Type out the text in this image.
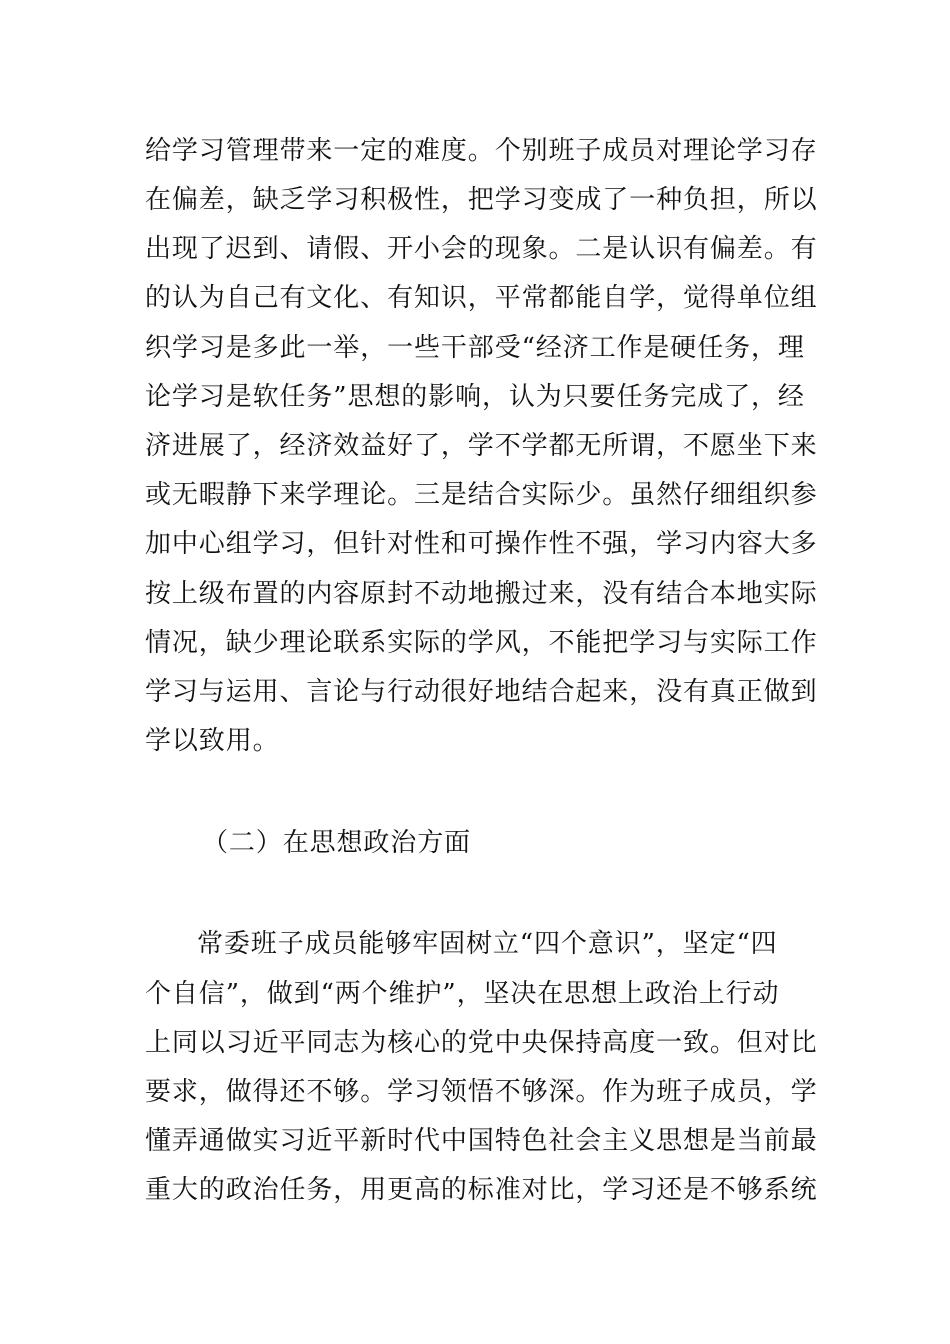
给学习管理带来一定的难度。个别班子成员对理论学习存
在偏差，缺乏学习积极性，把学习变成了一种负担，所以
出现了迟到、请假、开小会的现象。二是认识有偏差。有
的认为自己有文化、有知识，平常都能自学，觉得单位组
织学习是多此一举，一些干部受“经济工作是硬任务，理
论学习是软任务”思想的影响，认为只要任务完成了，经
济进展了，经济效益好了，学不学都无所谓，不愿坐下来
或无暇静下来学理论。三是结合实际少。虽然仔细组织参
加中心组学习，但针对性和可操作性不强，学习内容大多
按上级布置的内容原封不动地搬过来，没有结合本地实际
情况，缺少理论联系实际的学风，不能把学习与实际工作
学习与运用、言论与行动很好地结合起来，没有真正做到
学以致用。
（二）在思想政治方面
常委班子成员能够牢固树立“四个意识”，坚定“四
个自信”，做到“两个维护”，坚决在思想上政治上行动
上同以习近平同志为核心的党中央保持高度一致。但对比
要求，做得还不够。学习领悟不够深。作为班子成员，学
懂弄通做实习近平新时代中国特色社会主义思想是当前最
重大的政治任务，用更高的标准对比，学习还是不够系统
